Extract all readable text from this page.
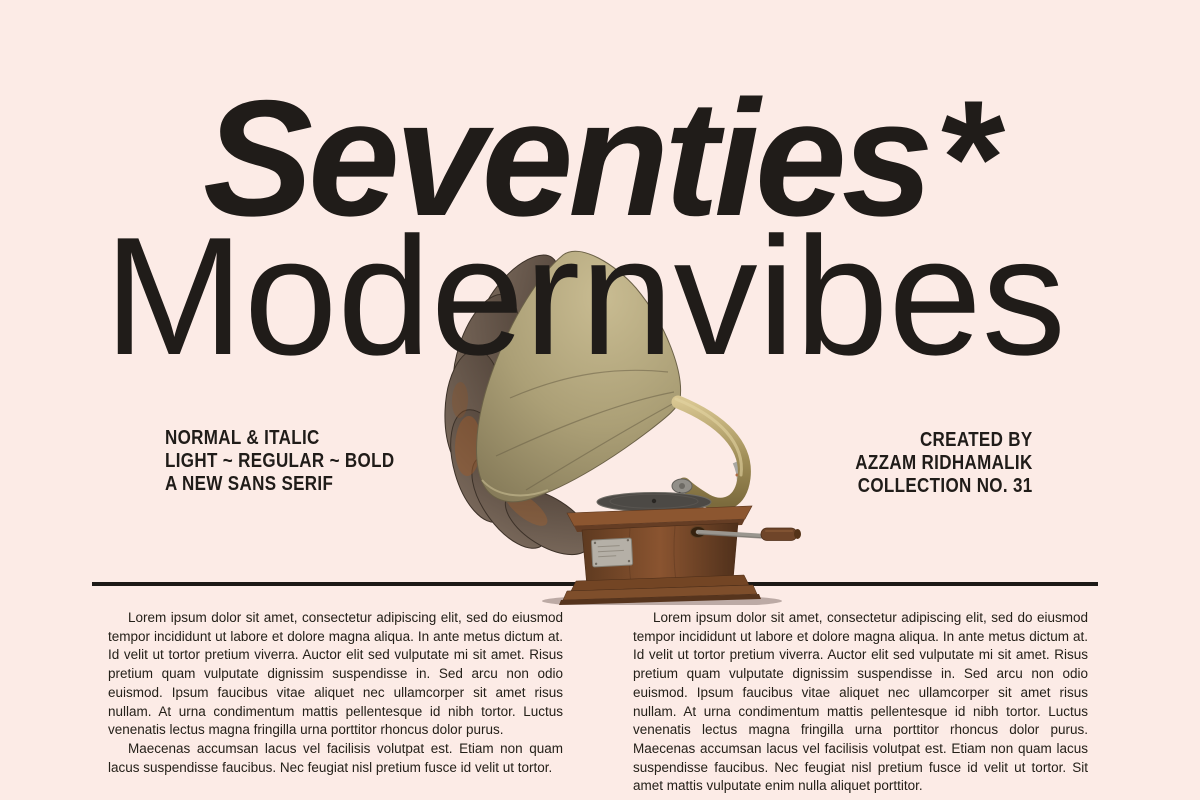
Seventies*
Modernvibes
NORMAL & ITALIC
LIGHT ~ REGULAR ~ BOLD
A NEW SANS SERIF
CREATED BY
AZZAM RIDHAMALIK
COLLECTION NO. 31

Lorem ipsum dolor sit amet, consectetur adipiscing elit, sed do eiusmod tempor incididunt ut labore et dolore magna aliqua. In ante metus dictum at. Id velit ut tortor pretium viverra. Auctor elit sed vulputate mi sit amet. Risus pretium quam vulputate dignissim suspendisse in. Sed arcu non odio euismod. Ipsum faucibus vitae aliquet nec ullamcorper sit amet risus nullam. At urna condimentum mattis pellentesque id nibh tortor. Luctus venenatis lectus magna fringilla urna porttitor rhoncus dolor purus.

Maecenas accumsan lacus vel facilisis volutpat est. Etiam non quam lacus suspendisse faucibus. Nec feugiat nisl pretium fusce id velit ut tortor.

Lorem ipsum dolor sit amet, consectetur adipiscing elit, sed do eiusmod tempor incididunt ut labore et dolore magna aliqua. In ante metus dictum at. Id velit ut tortor pretium viverra. Auctor elit sed vulputate mi sit amet. Risus pretium quam vulputate dignissim suspendisse in. Sed arcu non odio euismod. Ipsum faucibus vitae aliquet nec ullamcorper sit amet risus nullam. At urna condimentum mattis pellentesque id nibh tortor. Luctus venenatis lectus magna fringilla urna porttitor rhoncus dolor purus. Maecenas accumsan lacus vel facilisis volutpat est. Etiam non quam lacus suspendisse faucibus. Nec feugiat nisl pretium fusce id velit ut tortor. Sit amet mattis vulputate enim nulla aliquet porttitor.
